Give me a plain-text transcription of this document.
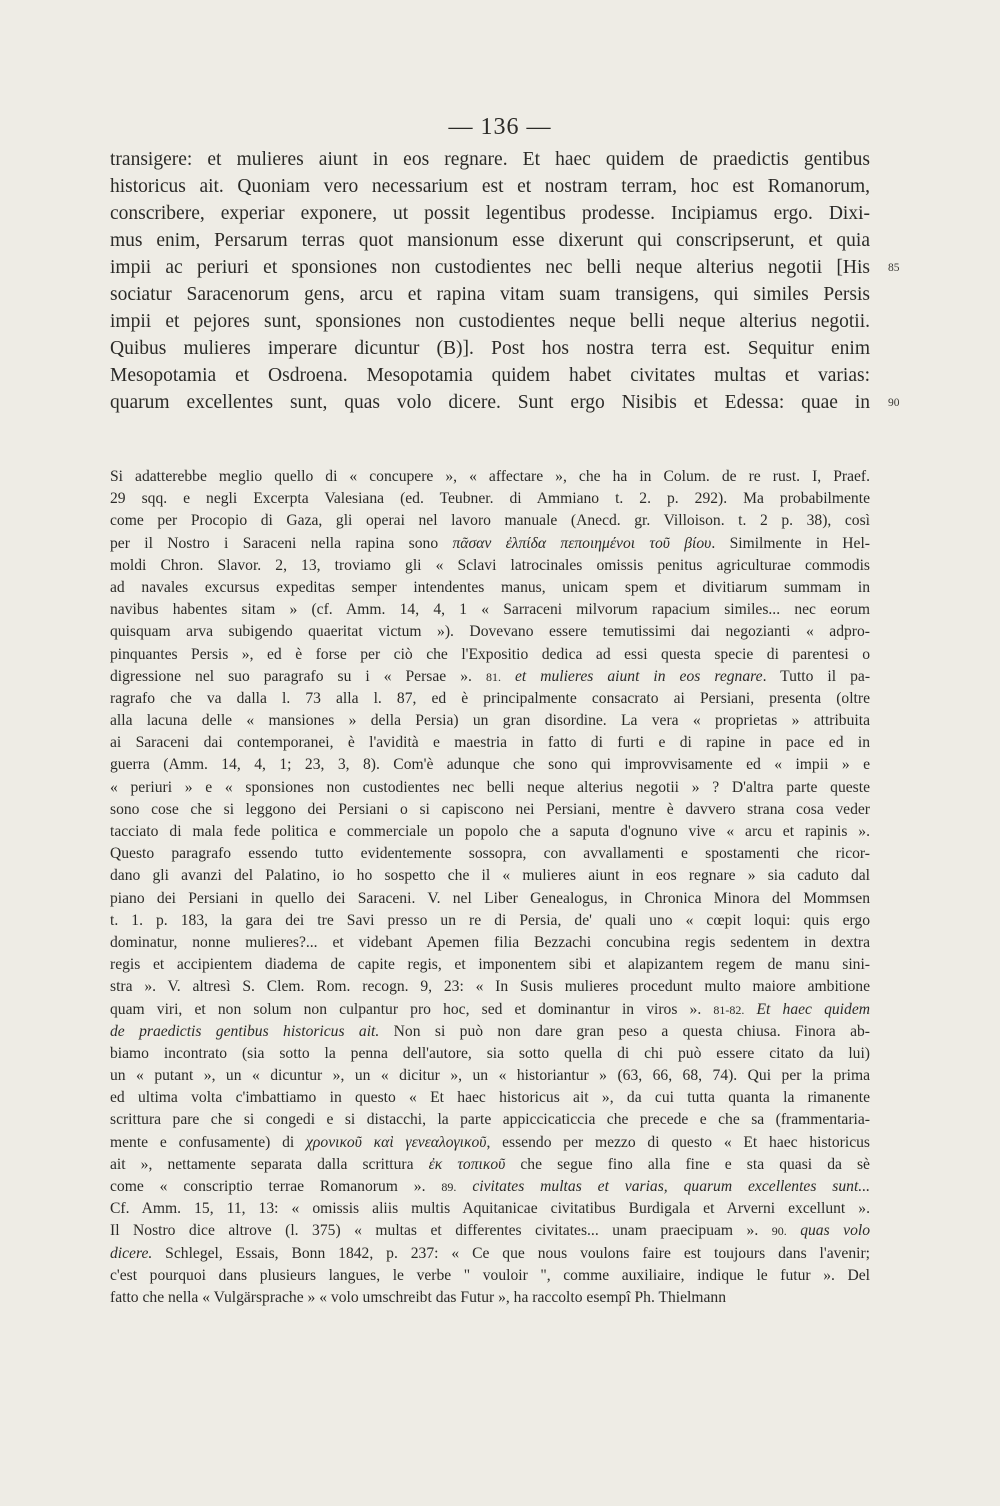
— 136 —
transigere: et mulieres aiunt in eos regnare. Et haec quidem de praedictis gentibus
historicus ait. Quoniam vero necessarium est et nostram terram, hoc est Romanorum,
conscribere, experiar exponere, ut possit legentibus prodesse. Incipiamus ergo. Dixi-
mus enim, Persarum terras quot mansionum esse dixerunt qui conscripserunt, et quia
impii ac periuri et sponsiones non custodientes nec belli neque alterius negotii [His
sociatur Saracenorum gens, arcu et rapina vitam suam transigens, qui similes Persis
impii et pejores sunt, sponsiones non custodientes neque belli neque alterius negotii.
Quibus mulieres imperare dicuntur (B)]. Post hos nostra terra est. Sequitur enim
Mesopotamia et Osdroena. Mesopotamia quidem habet civitates multas et varias:
quarum excellentes sunt, quas volo dicere. Sunt ergo Nisibis et Edessa: quae in
85
90
Si adatterebbe meglio quello di « concupere », « affectare », che ha in Colum. de re rust. I, Praef.
29 sqq. e negli Excerpta Valesiana (ed. Teubner. di Ammiano t. 2. p. 292). Ma probabilmente
come per Procopio di Gaza, gli operai nel lavoro manuale (Anecd. gr. Villoison. t. 2 p. 38), così
per il Nostro i Saraceni nella rapina sono πᾶσαν ἐλπίδα πεποιημένοι τοῦ βίου. Similmente in Hel-
moldi Chron. Slavor. 2, 13, troviamo gli « Sclavi latrocinales omissis penitus agriculturae commodis
ad navales excursus expeditas semper intendentes manus, unicam spem et divitiarum summam in
navibus habentes sitam » (cf. Amm. 14, 4, 1 « Sarraceni milvorum rapacium similes... nec eorum
quisquam arva subigendo quaeritat victum »). Dovevano essere temutissimi dai negozianti « adpro-
pinquantes Persis », ed è forse per ciò che l'Expositio dedica ad essi questa specie di parentesi o
digressione nel suo paragrafo su i « Persae ». 81. et mulieres aiunt in eos regnare. Tutto il pa-
ragrafo che va dalla l. 73 alla l. 87, ed è principalmente consacrato ai Persiani, presenta (oltre
alla lacuna delle « mansiones » della Persia) un gran disordine. La vera « proprietas » attribuita
ai Saraceni dai contemporanei, è l'avidità e maestria in fatto di furti e di rapine in pace ed in
guerra (Amm. 14, 4, 1; 23, 3, 8). Com'è adunque che sono qui improvvisamente ed « impii » e
« periuri » e « sponsiones non custodientes nec belli neque alterius negotii » ? D'altra parte queste
sono cose che si leggono dei Persiani o si capiscono nei Persiani, mentre è davvero strana cosa veder
tacciato di mala fede politica e commerciale un popolo che a saputa d'ognuno vive « arcu et rapinis ».
Questo paragrafo essendo tutto evidentemente sossopra, con avvallamenti e spostamenti che ricor-
dano gli avanzi del Palatino, io ho sospetto che il « mulieres aiunt in eos regnare » sia caduto dal
piano dei Persiani in quello dei Saraceni. V. nel Liber Genealogus, in Chronica Minora del Mommsen
t. 1. p. 183, la gara dei tre Savi presso un re di Persia, de' quali uno « cœpit loqui: quis ergo
dominatur, nonne mulieres?... et videbant Apemen filia Bezzachi concubina regis sedentem in dextra
regis et accipientem diadema de capite regis, et imponentem sibi et alapizantem regem de manu sini-
stra ». V. altresì S. Clem. Rom. recogn. 9, 23: « In Susis mulieres procedunt multo maiore ambitione
quam viri, et non solum non culpantur pro hoc, sed et dominantur in viros ». 81-82. Et haec quidem
de praedictis gentibus historicus ait. Non si può non dare gran peso a questa chiusa. Finora ab-
biamo incontrato (sia sotto la penna dell'autore, sia sotto quella di chi può essere citato da lui)
un « putant », un « dicuntur », un « dicitur », un « historiantur » (63, 66, 68, 74). Qui per la prima
ed ultima volta c'imbattiamo in questo « Et haec historicus ait », da cui tutta quanta la rimanente
scrittura pare che si congedi e si distacchi, la parte appiccicaticcia che precede e che sa (frammentaria-
mente e confusamente) di χρονικοῦ καὶ γενεαλογικοῦ, essendo per mezzo di questo « Et haec historicus
ait », nettamente separata dalla scrittura ἐκ τοπικοῦ che segue fino alla fine e sta quasi da sè
come « conscriptio terrae Romanorum ». 89. civitates multas et varias, quarum excellentes sunt...
Cf. Amm. 15, 11, 13: « omissis aliis multis Aquitanicae civitatibus Burdigala et Arverni excellunt ».
Il Nostro dice altrove (l. 375) « multas et differentes civitates... unam praecipuam ». 90. quas volo
dicere. Schlegel, Essais, Bonn 1842, p. 237: « Ce que nous voulons faire est toujours dans l'avenir;
c'est pourquoi dans plusieurs langues, le verbe " vouloir ", comme auxiliaire, indique le futur ». Del
fatto che nella « Vulgärsprache » « volo umschreibt das Futur », ha raccolto esempî Ph. Thielmann
